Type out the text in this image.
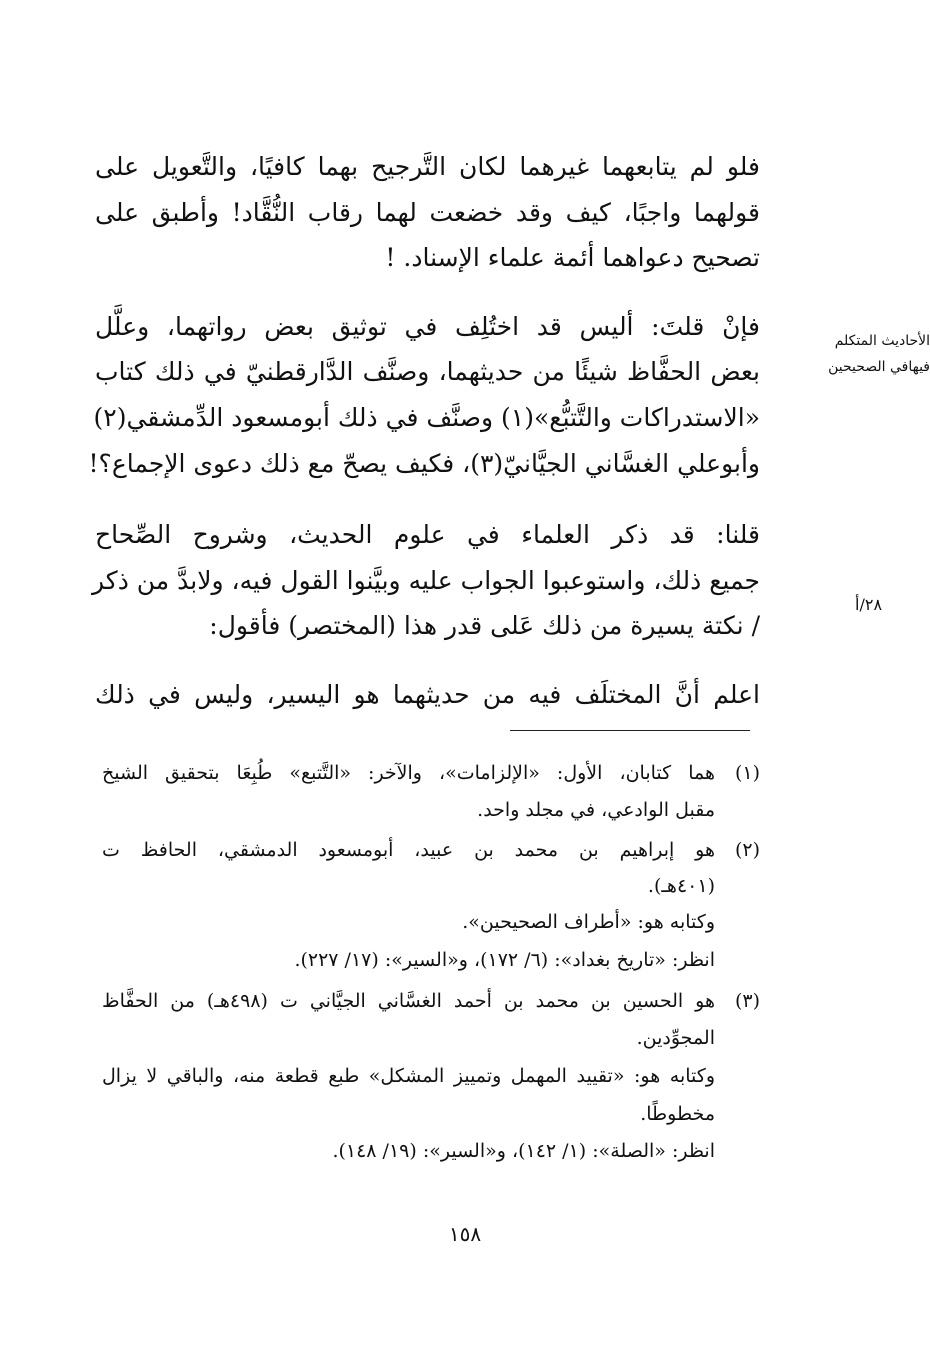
فلو لم يتابعهما غيرهما لكان التَّرجيح بهما كافيًا، والتَّعويل على
قولهما واجبًا، كيف وقد خضعت لهما رقاب النُّقَّاد! وأطبق على
تصحيح دعواهما أئمة علماء الإسناد. !
فإنْ قلتَ: أليس قد اختُلِف في توثيق بعض رواتهما، وعلَّل
بعض الحفَّاظ شيئًا من حديثهما، وصنَّف الدَّارقطنيّ في ذلك كتاب
«الاستدراكات والتَّتبُّع»(١) وصنَّف في ذلك أبومسعود الدِّمشقي(٢)
وأبوعلي الغسَّاني الجيَّانيّ(٣)، فكيف يصحّ مع ذلك دعوى الإجماع؟!
قلنا: قد ذكر العلماء في علوم الحديث، وشروح الصِّحاح
جميع ذلك، واستوعبوا الجواب عليه وبيَّنوا القول فيه، ولابدَّ من ذكر
/ نكتة يسيرة من ذلك عَلى قدر هذا (المختصر) فأقول:
اعلم أنَّ المختلَف فيه من حديثهما هو اليسير، وليس في ذلك
الأحاديث المتكلم
فيهافي الصحيحين
٢٨/أ
(١)
هما كتابان، الأول: «الإلزامات»، والآخر: «التَّتبع» طُبِعَا بتحقيق الشيخ
مقبل الوادعي، في مجلد واحد.
(٢)
هو إبراهيم بن محمد بن عبيد، أبومسعود الدمشقي، الحافظ ت
(٤٠١هـ).
وكتابه هو: «أطراف الصحيحين».
انظر: «تاريخ بغداد»: (٦/ ١٧٢)، و«السير»: (١٧/ ٢٢٧).
(٣)
هو الحسين بن محمد بن أحمد الغسَّاني الجيَّاني ت (٤٩٨هـ) من الحفَّاظ
المجوِّدين.
وكتابه هو: «تقييد المهمل وتمييز المشكل» طبع قطعة منه، والباقي لا يزال
مخطوطًا.
انظر: «الصلة»: (١/ ١٤٢)، و«السير»: (١٩/ ١٤٨).
١٥٨
